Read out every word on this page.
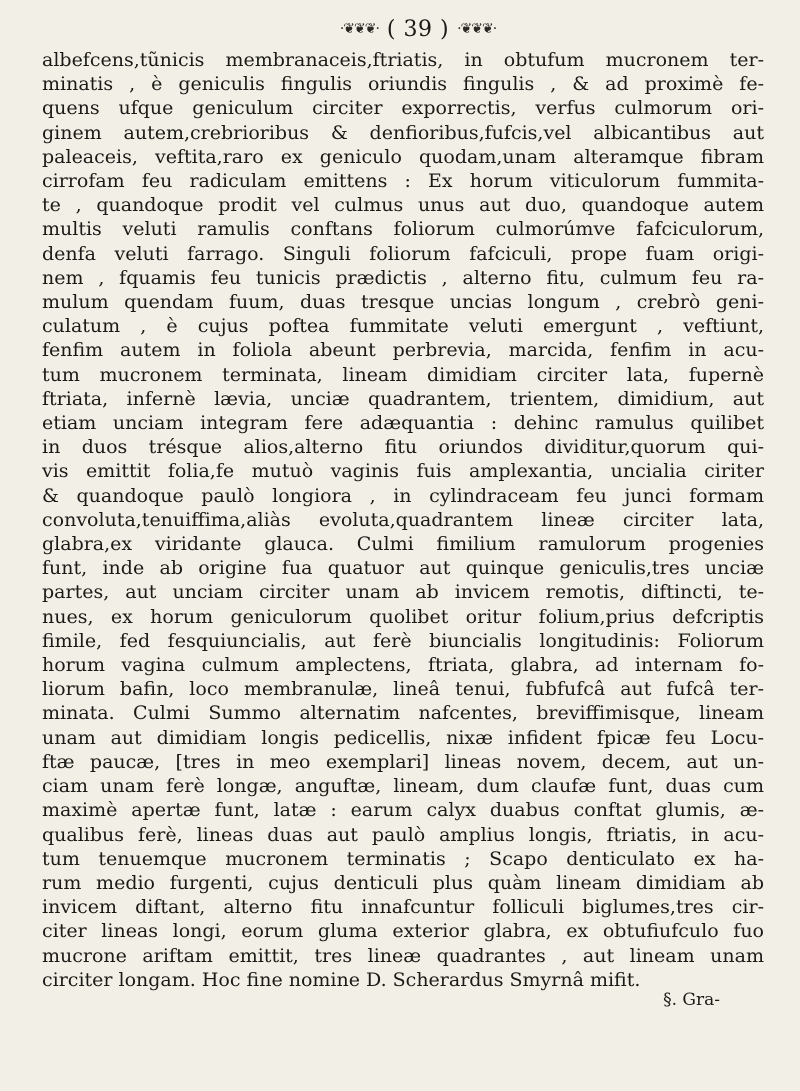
·❦❦❦· ( 39 ) ·❦❦❦·
albefcens,tũnicis membranaceis,ftriatis, in obtufum mucronem ter-
minatis , è geniculis fingulis oriundis fingulis , & ad proximè fe-
quens ufque geniculum circiter exporrectis, verfus culmorum ori-
ginem autem,crebrioribus & denfioribus,fufcis,vel albicantibus aut
paleaceis, veftita,raro ex geniculo quodam,unam alteramque fibram
cirrofam feu radiculam emittens : Ex horum viticulorum fummita-
te , quandoque prodit vel culmus unus aut duo, quandoque autem
multis veluti ramulis conftans foliorum culmorúmve fafciculorum,
denfa veluti farrago. Singuli foliorum fafciculi, prope fuam origi-
nem , fquamis feu tunicis prædictis , alterno fitu, culmum feu ra-
mulum quendam fuum, duas tresque uncias longum , crebrò geni-
culatum , è cujus poftea fummitate veluti emergunt , veftiunt,
fenfim autem in foliola abeunt perbrevia, marcida, fenfim in acu-
tum mucronem terminata, lineam dimidiam circiter lata, fupernè
ftriata, infernè lævia, unciæ quadrantem, trientem, dimidium, aut
etiam unciam integram fere adæquantia : dehinc ramulus quilibet
in duos trésque alios,alterno fitu oriundos dividitur,quorum qui-
vis emittit folia,fe mutuò vaginis fuis amplexantia, uncialia ciriter
& quandoque paulò longiora , in cylindraceam feu junci formam
convoluta,tenuiffima,aliàs evoluta,quadrantem lineæ circiter lata,
glabra,ex viridante glauca. Culmi fimilium ramulorum progenies
funt, inde ab origine fua quatuor aut quinque geniculis,tres unciæ
partes, aut unciam circiter unam ab invicem remotis, diftincti, te-
nues, ex horum geniculorum quolibet oritur folium,prius defcriptis
fimile, fed fesquiuncialis, aut ferè biuncialis longitudinis: Foliorum
horum vagina culmum amplectens, ftriata, glabra, ad internam fo-
liorum bafin, loco membranulæ, lineâ tenui, fubfufcâ aut fufcâ ter-
minata. Culmi Summo alternatim nafcentes, breviffimisque, lineam
unam aut dimidiam longis pedicellis, nixæ infident fpicæ feu Locu-
ftæ paucæ, [tres in meo exemplari] lineas novem, decem, aut un-
ciam unam ferè longæ, anguftæ, lineam, dum claufæ funt, duas cum
maximè apertæ funt, latæ : earum calyx duabus conftat glumis, æ-
qualibus ferè, lineas duas aut paulò amplius longis, ftriatis, in acu-
tum tenuemque mucronem terminatis ; Scapo denticulato ex ha-
rum medio furgenti, cujus denticuli plus quàm lineam dimidiam ab
invicem diftant, alterno fitu innafcuntur folliculi biglumes,tres cir-
citer lineas longi, eorum gluma exterior glabra, ex obtufiufculo fuo
mucrone ariftam emittit, tres lineæ quadrantes , aut lineam unam
circiter longam. Hoc fine nomine D. Scherardus Smyrnâ mifit.
§. Gra-
